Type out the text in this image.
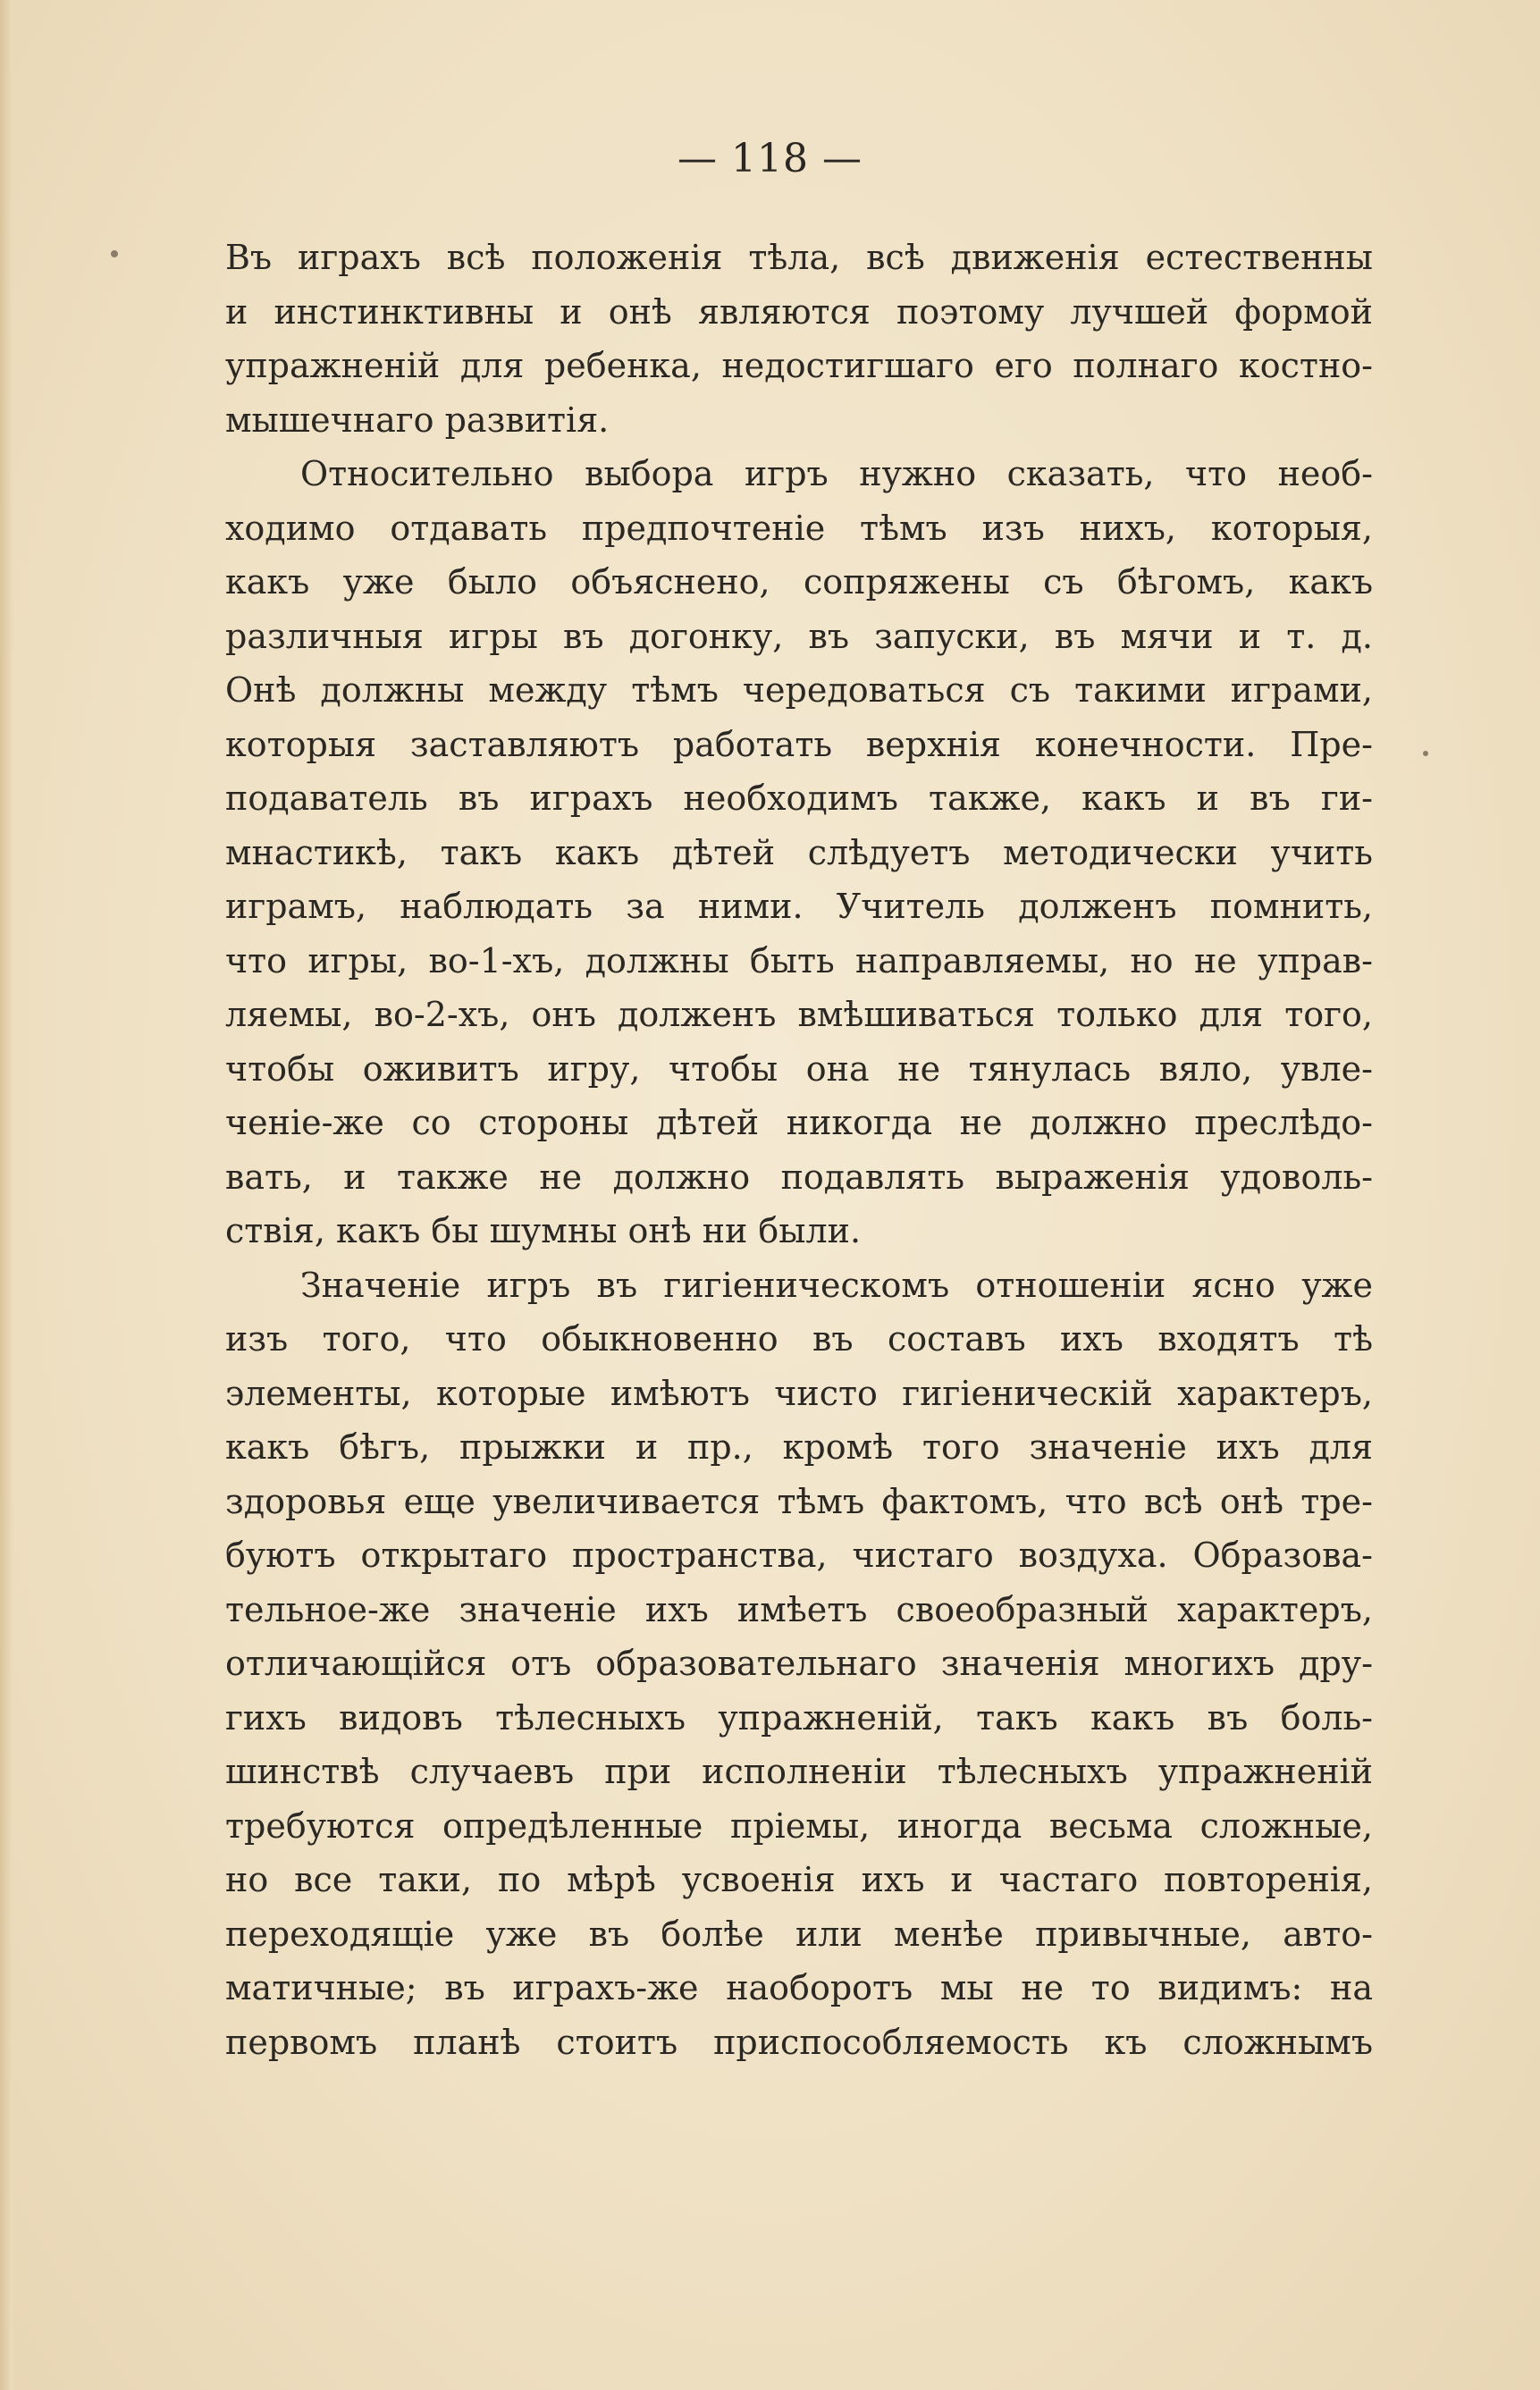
— 118 —
Въ играхъ всѣ положенія тѣла, всѣ движенія естественны
и инстинктивны и онѣ являются поэтому лучшей формой
упражненій для ребенка, недостигшаго его полнаго костно-
мышечнаго развитія.
Относительно выбора игръ нужно сказать, что необ-
ходимо отдавать предпочтеніе тѣмъ изъ нихъ, которыя,
какъ уже было объяснено, сопряжены съ бѣгомъ, какъ
различныя игры въ догонку, въ запуски, въ мячи и т. д.
Онѣ должны между тѣмъ чередоваться съ такими играми,
которыя заставляютъ работать верхнія конечности. Пре-
подаватель въ играхъ необходимъ также, какъ и въ ги-
мнастикѣ, такъ какъ дѣтей слѣдуетъ методически учить
играмъ, наблюдать за ними. Учитель долженъ помнить,
что игры, во-1-хъ, должны быть направляемы, но не управ-
ляемы, во-2-хъ, онъ долженъ вмѣшиваться только для того,
чтобы оживитъ игру, чтобы она не тянулась вяло, увле-
ченіе-же со стороны дѣтей никогда не должно преслѣдо-
вать, и также не должно подавлять выраженія удоволь-
ствія, какъ бы шумны онѣ ни были.
Значеніе игръ въ гигіеническомъ отношеніи ясно уже
изъ того, что обыкновенно въ составъ ихъ входятъ тѣ
элементы, которые имѣютъ чисто гигіеническій характеръ,
какъ бѣгъ, прыжки и пр., кромѣ того значеніе ихъ для
здоровья еще увеличивается тѣмъ фактомъ, что всѣ онѣ тре-
буютъ открытаго пространства, чистаго воздуха. Образова-
тельное-же значеніе ихъ имѣетъ своеобразный характеръ,
отличающійся отъ образовательнаго значенія многихъ дру-
гихъ видовъ тѣлесныхъ упражненій, такъ какъ въ боль-
шинствѣ случаевъ при исполненіи тѣлесныхъ упражненій
требуются опредѣленные пріемы, иногда весьма сложные,
но все таки, по мѣрѣ усвоенія ихъ и частаго повторенія,
переходящіе уже въ болѣе или менѣе привычные, авто-
матичные; въ играхъ-же наоборотъ мы не то видимъ: на
первомъ планѣ стоитъ приспособляемость къ сложнымъ
